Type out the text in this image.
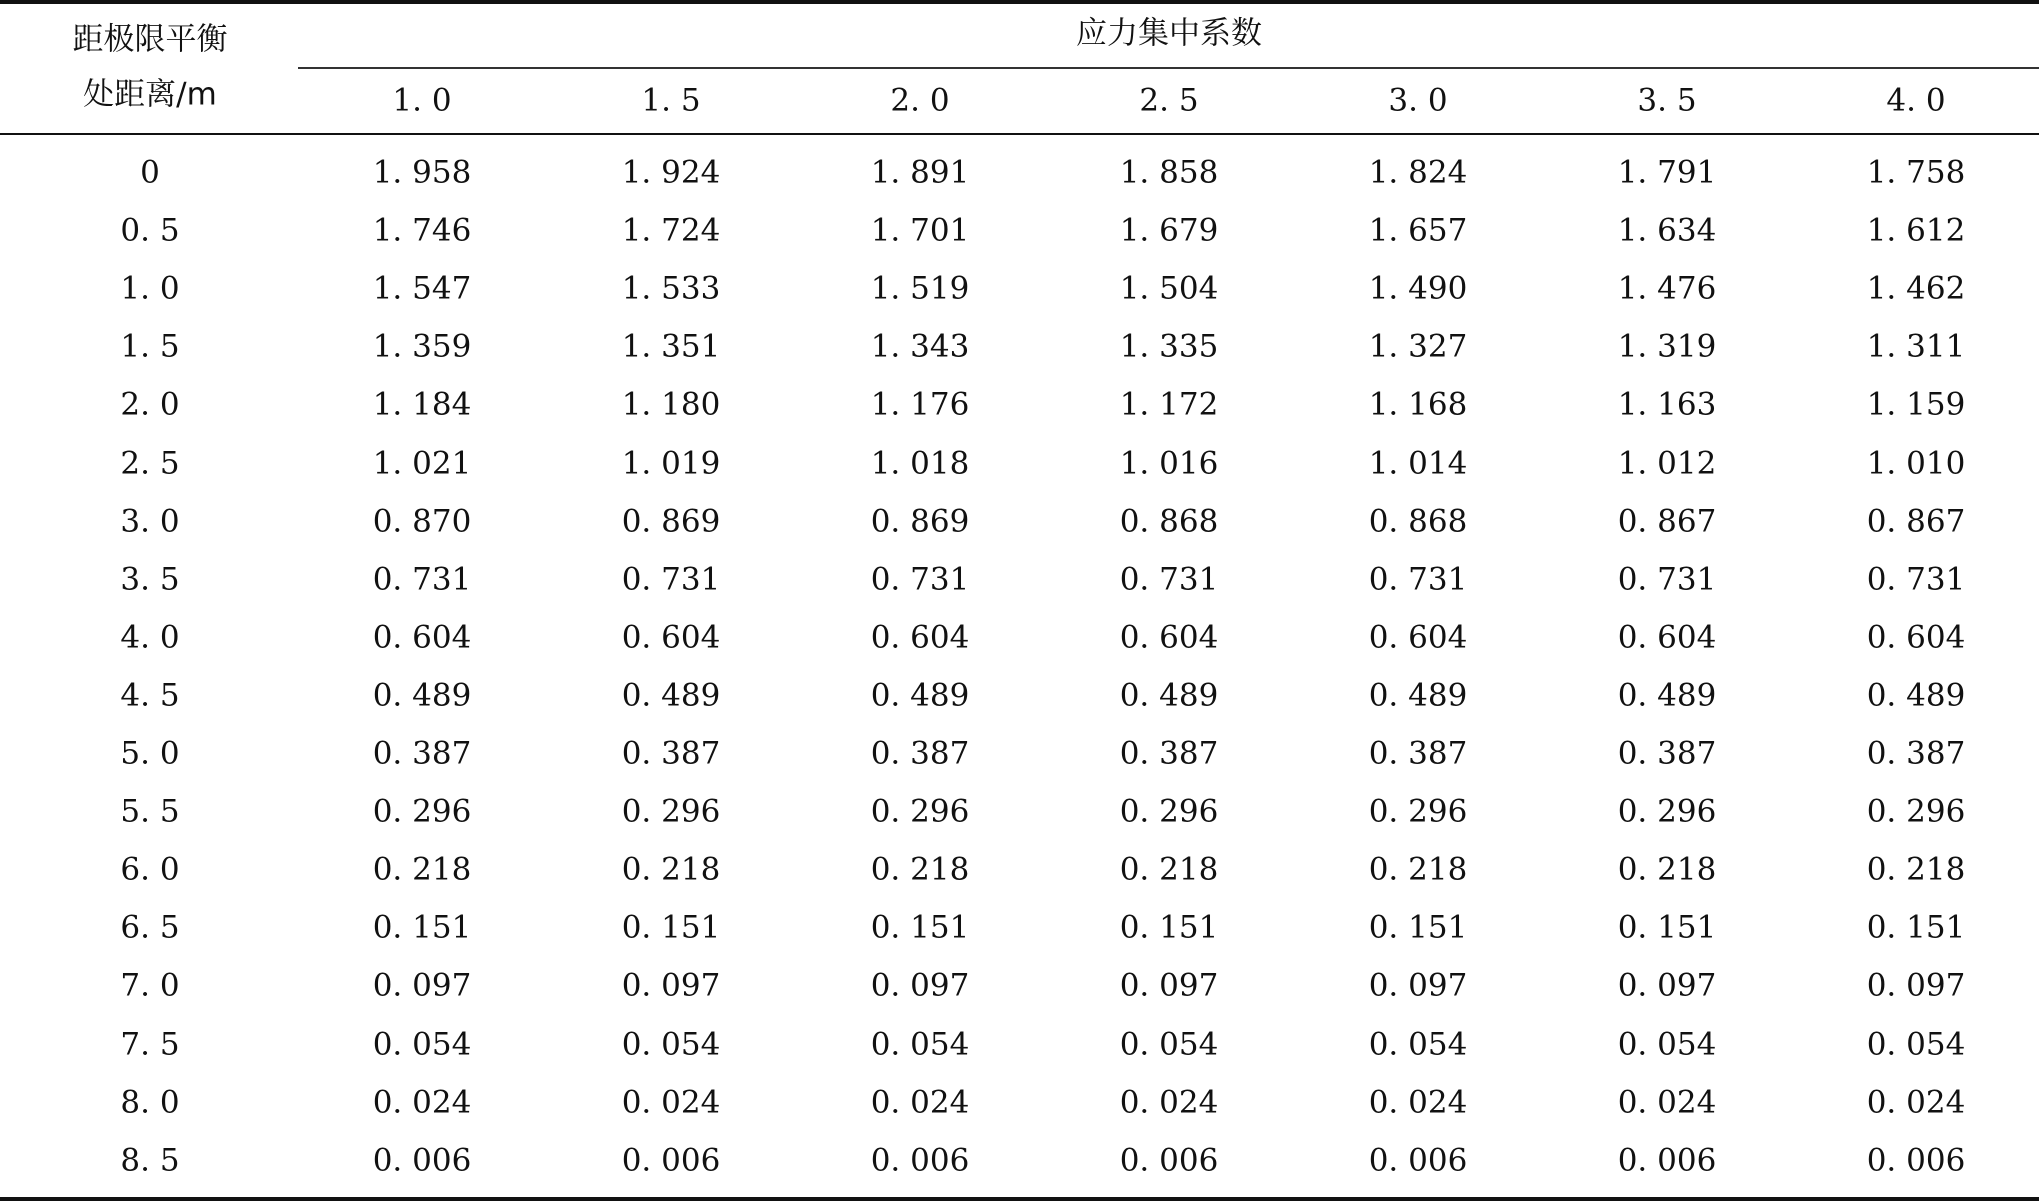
距极限平衡
处距离/m
应力集中系数
1. 0	1. 5	2. 0	2. 5	3. 0	3. 5	4. 0
0	1. 958	1. 924	1. 891	1. 858	1. 824	1. 791	1. 758
0. 5	1. 746	1. 724	1. 701	1. 679	1. 657	1. 634	1. 612
1. 0	1. 547	1. 533	1. 519	1. 504	1. 490	1. 476	1. 462
1. 5	1. 359	1. 351	1. 343	1. 335	1. 327	1. 319	1. 311
2. 0	1. 184	1. 180	1. 176	1. 172	1. 168	1. 163	1. 159
2. 5	1. 021	1. 019	1. 018	1. 016	1. 014	1. 012	1. 010
3. 0	0. 870	0. 869	0. 869	0. 868	0. 868	0. 867	0. 867
3. 5	0. 731	0. 731	0. 731	0. 731	0. 731	0. 731	0. 731
4. 0	0. 604	0. 604	0. 604	0. 604	0. 604	0. 604	0. 604
4. 5	0. 489	0. 489	0. 489	0. 489	0. 489	0. 489	0. 489
5. 0	0. 387	0. 387	0. 387	0. 387	0. 387	0. 387	0. 387
5. 5	0. 296	0. 296	0. 296	0. 296	0. 296	0. 296	0. 296
6. 0	0. 218	0. 218	0. 218	0. 218	0. 218	0. 218	0. 218
6. 5	0. 151	0. 151	0. 151	0. 151	0. 151	0. 151	0. 151
7. 0	0. 097	0. 097	0. 097	0. 097	0. 097	0. 097	0. 097
7. 5	0. 054	0. 054	0. 054	0. 054	0. 054	0. 054	0. 054
8. 0	0. 024	0. 024	0. 024	0. 024	0. 024	0. 024	0. 024
8. 5	0. 006	0. 006	0. 006	0. 006	0. 006	0. 006	0. 006
